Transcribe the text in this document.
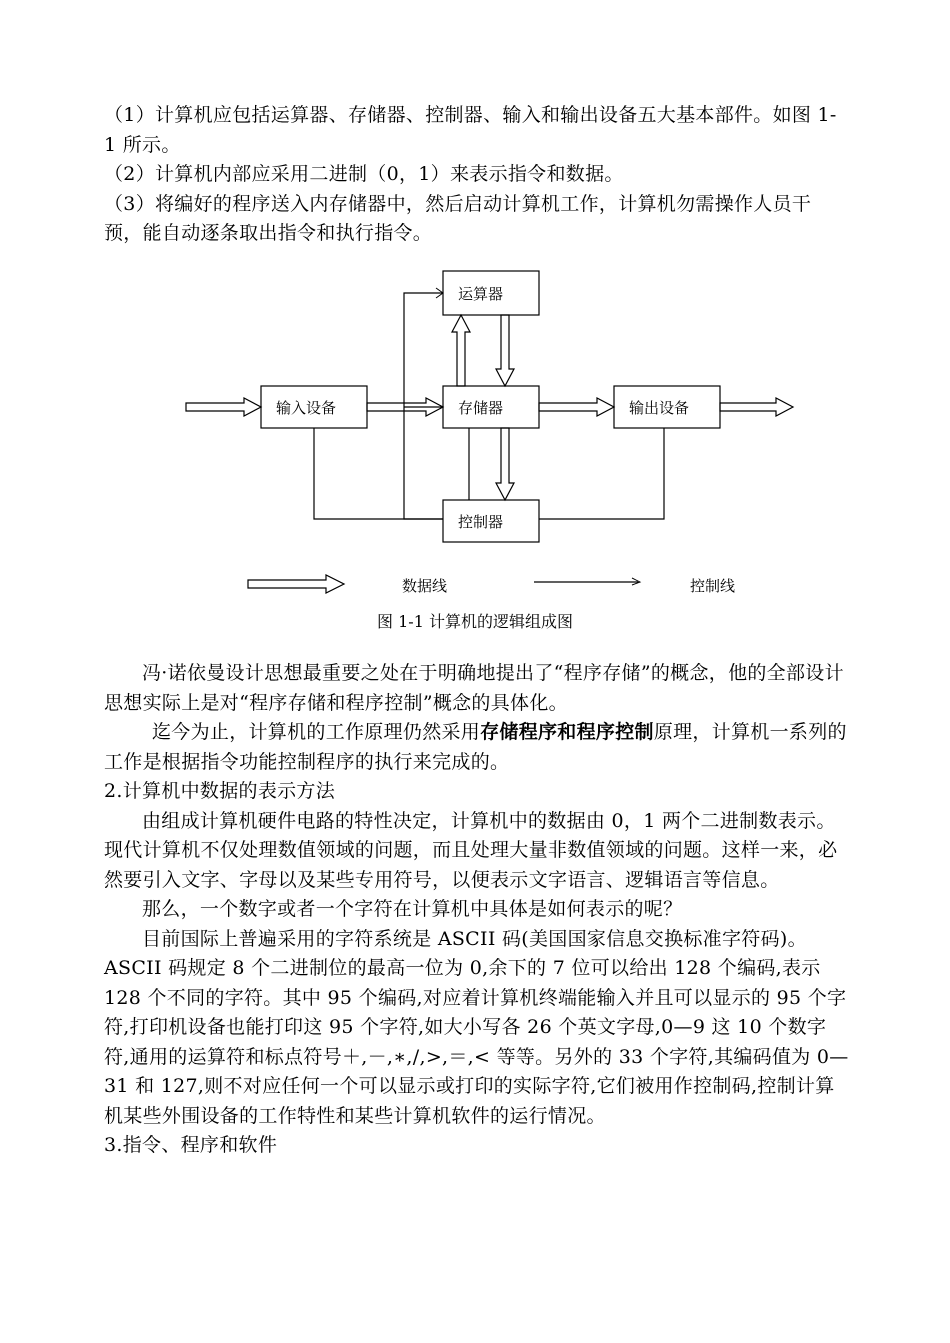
（1）计算机应包括运算器、存储器、控制器、输入和输出设备五大基本部件。如图 1-1 所示。

（2）计算机内部应采用二进制（0，1）来表示指令和数据。

（3）将编好的程序送入内存储器中，然后启动计算机工作，计算机勿需操作人员干预，能自动逐条取出指令和执行指令。

运算器
输入设备	存储器	输出设备
控制器
数据线	控制线
图 1-1 计算机的逻辑组成图

冯·诺依曼设计思想最重要之处在于明确地提出了“程序存储”的概念，他的全部设计思想实际上是对“程序存储和程序控制”概念的具体化。

迄今为止，计算机的工作原理仍然采用存储程序和程序控制原理，计算机一系列的工作是根据指令功能控制程序的执行来完成的。

2.计算机中数据的表示方法

由组成计算机硬件电路的特性决定，计算机中的数据由 0，1 两个二进制数表示。现代计算机不仅处理数值领域的问题，而且处理大量非数值领域的问题。这样一来，必然要引入文字、字母以及某些专用符号，以便表示文字语言、逻辑语言等信息。

那么，一个数字或者一个字符在计算机中具体是如何表示的呢？

目前国际上普遍采用的字符系统是 ASCII 码(美国国家信息交换标准字符码)。ASCII 码规定 8 个二进制位的最高一位为 0,余下的 7 位可以给出 128 个编码,表示 128 个不同的字符。其中 95 个编码,对应着计算机终端能输入并且可以显示的 95 个字符,打印机设备也能打印这 95 个字符,如大小写各 26 个英文字母,0—9 这 10 个数字符,通用的运算符和标点符号＋,－,∗,/,>,＝,< 等等。另外的 33 个字符,其编码值为 0—31 和 127,则不对应任何一个可以显示或打印的实际字符,它们被用作控制码,控制计算机某些外围设备的工作特性和某些计算机软件的运行情况。

3.指令、程序和软件
